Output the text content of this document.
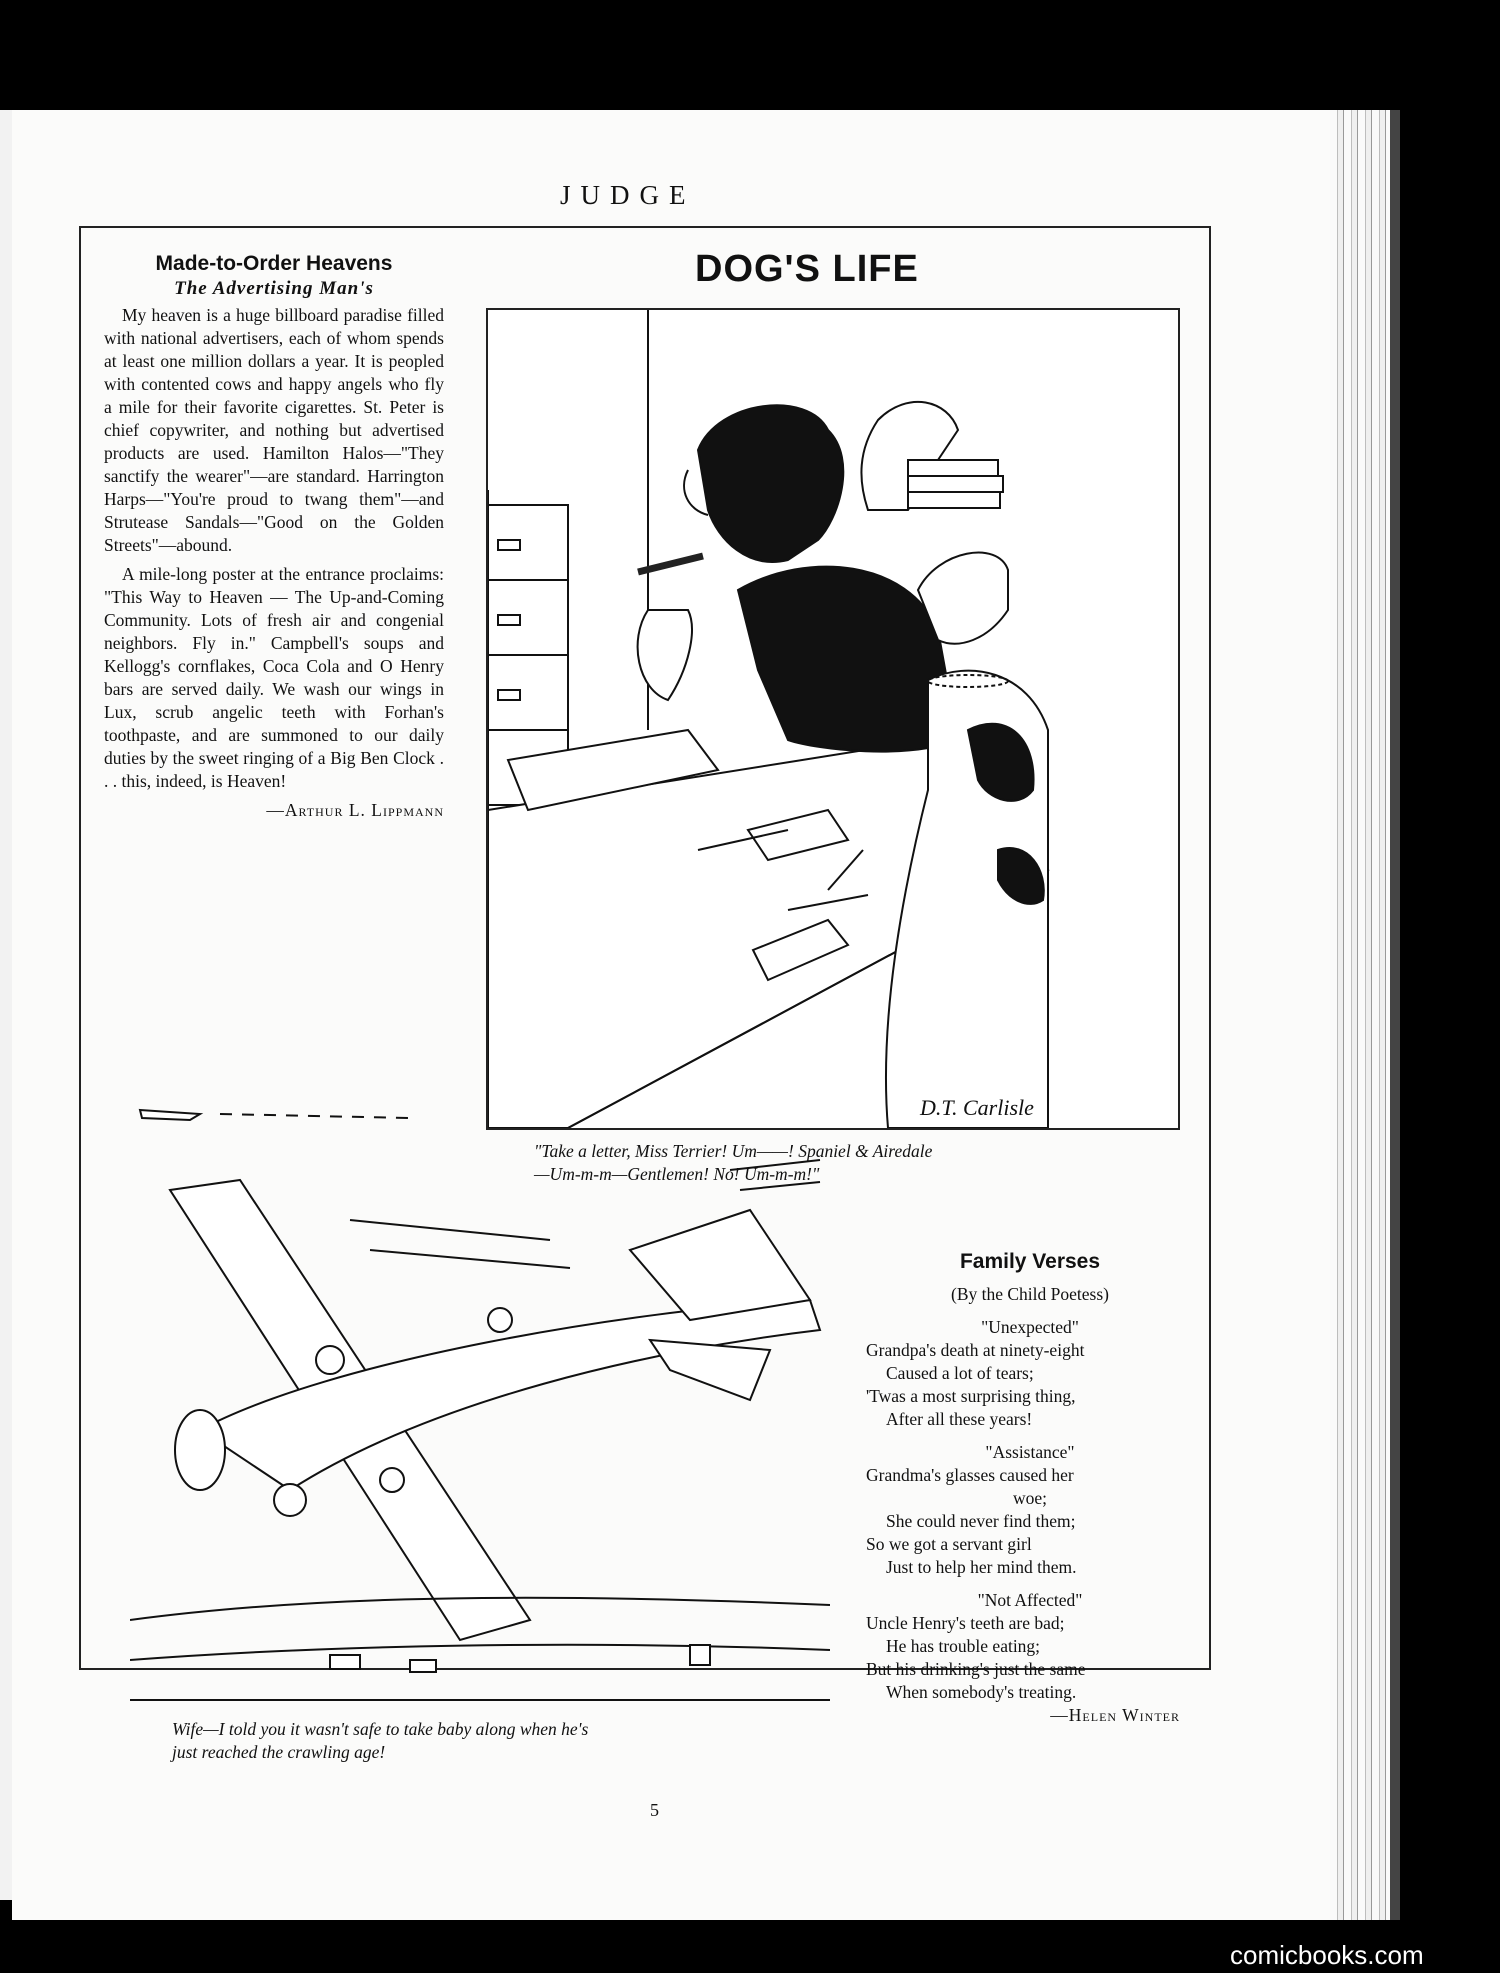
JUDGE
Made-to-Order Heavens
The Advertising Man's

My heaven is a huge billboard paradise filled with national advertisers, each of whom spends at least one million dollars a year. It is peopled with contented cows and happy angels who fly a mile for their favorite cigarettes. St. Peter is chief copywriter, and nothing but advertised products are used. Hamilton Halos—"They sanctify the wearer"—are standard. Harrington Harps—"You're proud to twang them"—and Strutease Sandals—"Good on the Golden Streets"—abound.

A mile-long poster at the entrance proclaims: "This Way to Heaven — The Up-and-Coming Community. Lots of fresh air and congenial neighbors. Fly in." Campbell's soups and Kellogg's cornflakes, Coca Cola and O Henry bars are served daily. We wash our wings in Lux, scrub angelic teeth with Forhan's toothpaste, and are summoned to our daily duties by the sweet ringing of a Big Ben Clock . . . this, indeed, is Heaven!

—Arthur L. Lippmann
DOG'S LIFE
D.T. Carlisle
"Take a letter, Miss Terrier! Um——! Spaniel & Airedale
—Um-m-m—Gentlemen! No! Um-m-m!"
Wife—I told you it wasn't safe to take baby along when he's
just reached the crawling age!
Family Verses
(By the Child Poetess)
"Unexpected"
Grandpa's death at ninety-eight
Caused a lot of tears;
'Twas a most surprising thing,
After all these years!
"Assistance"
Grandma's glasses caused her
woe;
She could never find them;
So we got a servant girl
Just to help her mind them.
"Not Affected"
Uncle Henry's teeth are bad;
He has trouble eating;
But his drinking's just the same
When somebody's treating.
—Helen Winter
5
comicbooks.com
